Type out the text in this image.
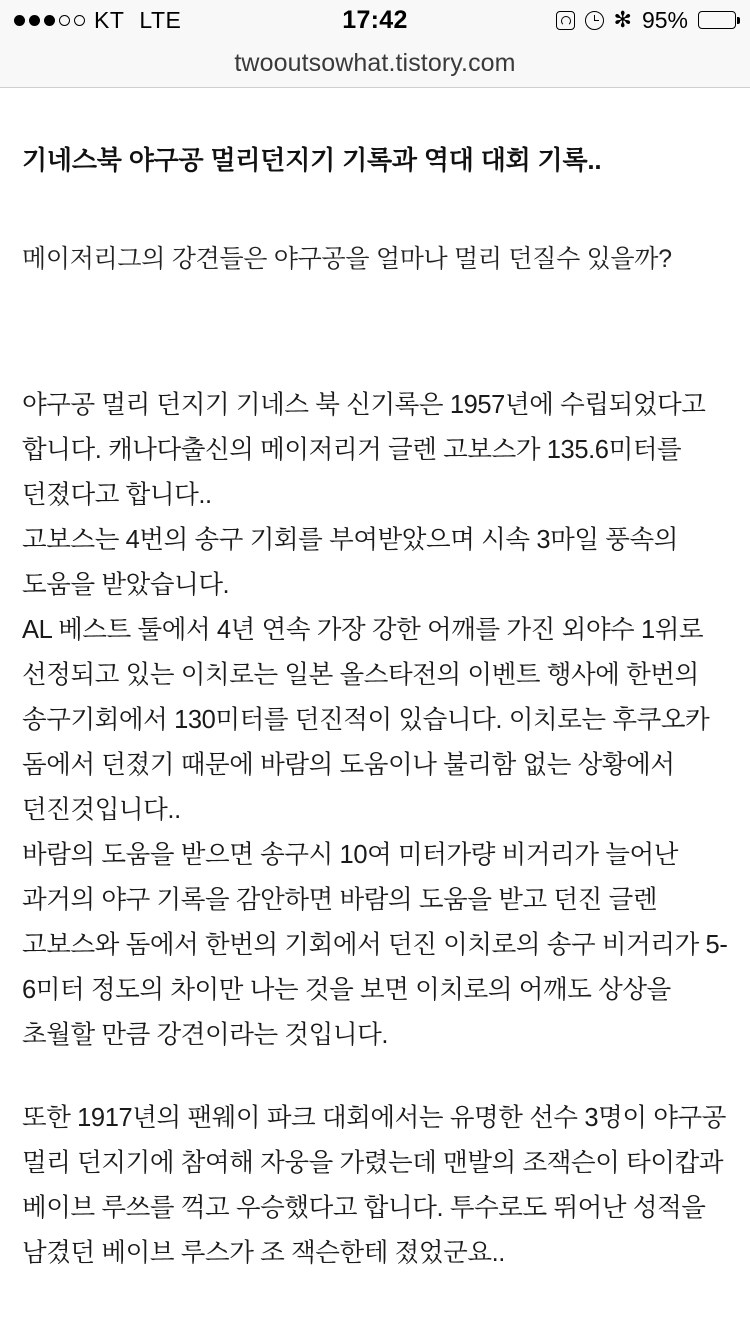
KT LTE	17:42	✻ 95%
twooutsowhat.tistory.com
기네스북 야구공 멀리던지기 기록과 역대 대회 기록..

메이저리그의 강견들은 야구공을 얼마나 멀리 던질수 있을까?

야구공 멀리 던지기 기네스 북 신기록은 1957년에 수립되었다고 합니다. 캐나다출신의 메이저리거 글렌 고보스가 135.6미터를 던졌다고 합니다..

고보스는 4번의 송구 기회를 부여받았으며 시속 3마일 풍속의 도움을 받았습니다.

AL 베스트 툴에서 4년 연속 가장 강한 어깨를 가진 외야수 1위로 선정되고 있는 이치로는 일본 올스타전의 이벤트 행사에 한번의 송구기회에서 130미터를 던진적이 있습니다. 이치로는 후쿠오카 돔에서 던졌기 때문에 바람의 도움이나 불리함 없는 상황에서 던진것입니다..

바람의 도움을 받으면 송구시 10여 미터가량 비거리가 늘어난 과거의 야구 기록을 감안하면 바람의 도움을 받고 던진 글렌 고보스와 돔에서 한번의 기회에서 던진 이치로의 송구 비거리가 5-6미터 정도의 차이만 나는 것을 보면 이치로의 어깨도 상상을 초월할 만큼 강견이라는 것입니다.

또한 1917년의 팬웨이 파크 대회에서는 유명한 선수 3명이 야구공 멀리 던지기에 참여해 자웅을 가렸는데 맨발의 조잭슨이 타이캅과 베이브 루쓰를 꺽고 우승했다고 합니다. 투수로도 뛰어난 성적을 남겼던 베이브 루스가 조 잭슨한테 졌었군요..
